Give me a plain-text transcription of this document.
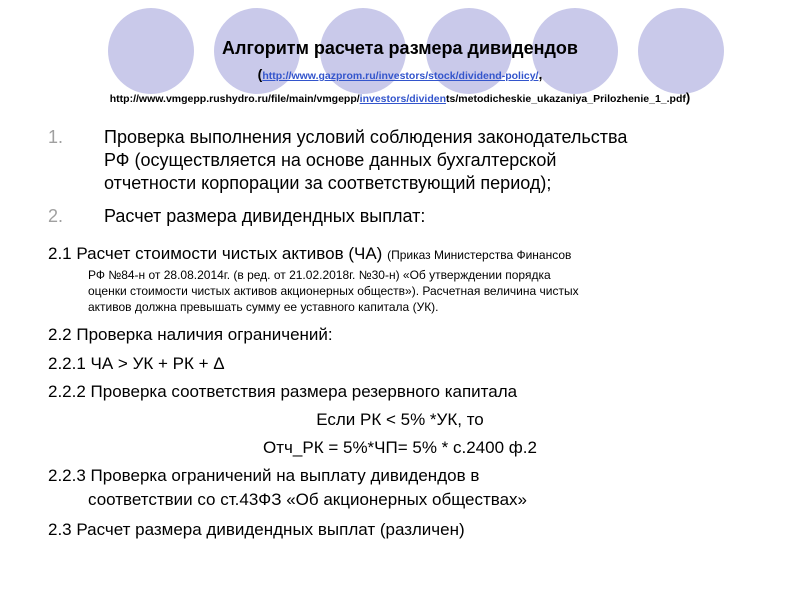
Алгоритм расчета размера дивидендов
(http://www.gazprom.ru/investors/stock/dividend-policy/,
http://www.vmgepp.rushydro.ru/file/main/vmgepp/investors/dividents/metodicheskie_ukazaniya_Prilozhenie_1_.pdf)
1. Проверка выполнения условий соблюдения законодательства
РФ (осуществляется на основе данных бухгалтерской
отчетности корпорации за соответствующий период);
2. Расчет размера дивидендных выплат:
2.1 Расчет стоимости чистых активов (ЧА) (Приказ Министерства Финансов
РФ №84-н от 28.08.2014г. (в ред. от 21.02.2018г. №30-н) «Об утверждении порядка
оценки стоимости чистых активов акционерных обществ»). Расчетная величина чистых
активов должна превышать сумму ее уставного капитала (УК).
2.2 Проверка наличия ограничений:
2.2.1 ЧА > УК + РК + Δ
2.2.2 Проверка соответствия размера резервного капитала
Если РК < 5% *УК, то
Отч_РК = 5%*ЧП= 5% * с.2400 ф.2
2.2.3 Проверка ограничений на выплату дивидендов в
соответствии со ст.43ФЗ «Об акционерных обществах»
2.3 Расчет размера дивидендных выплат (различен)
